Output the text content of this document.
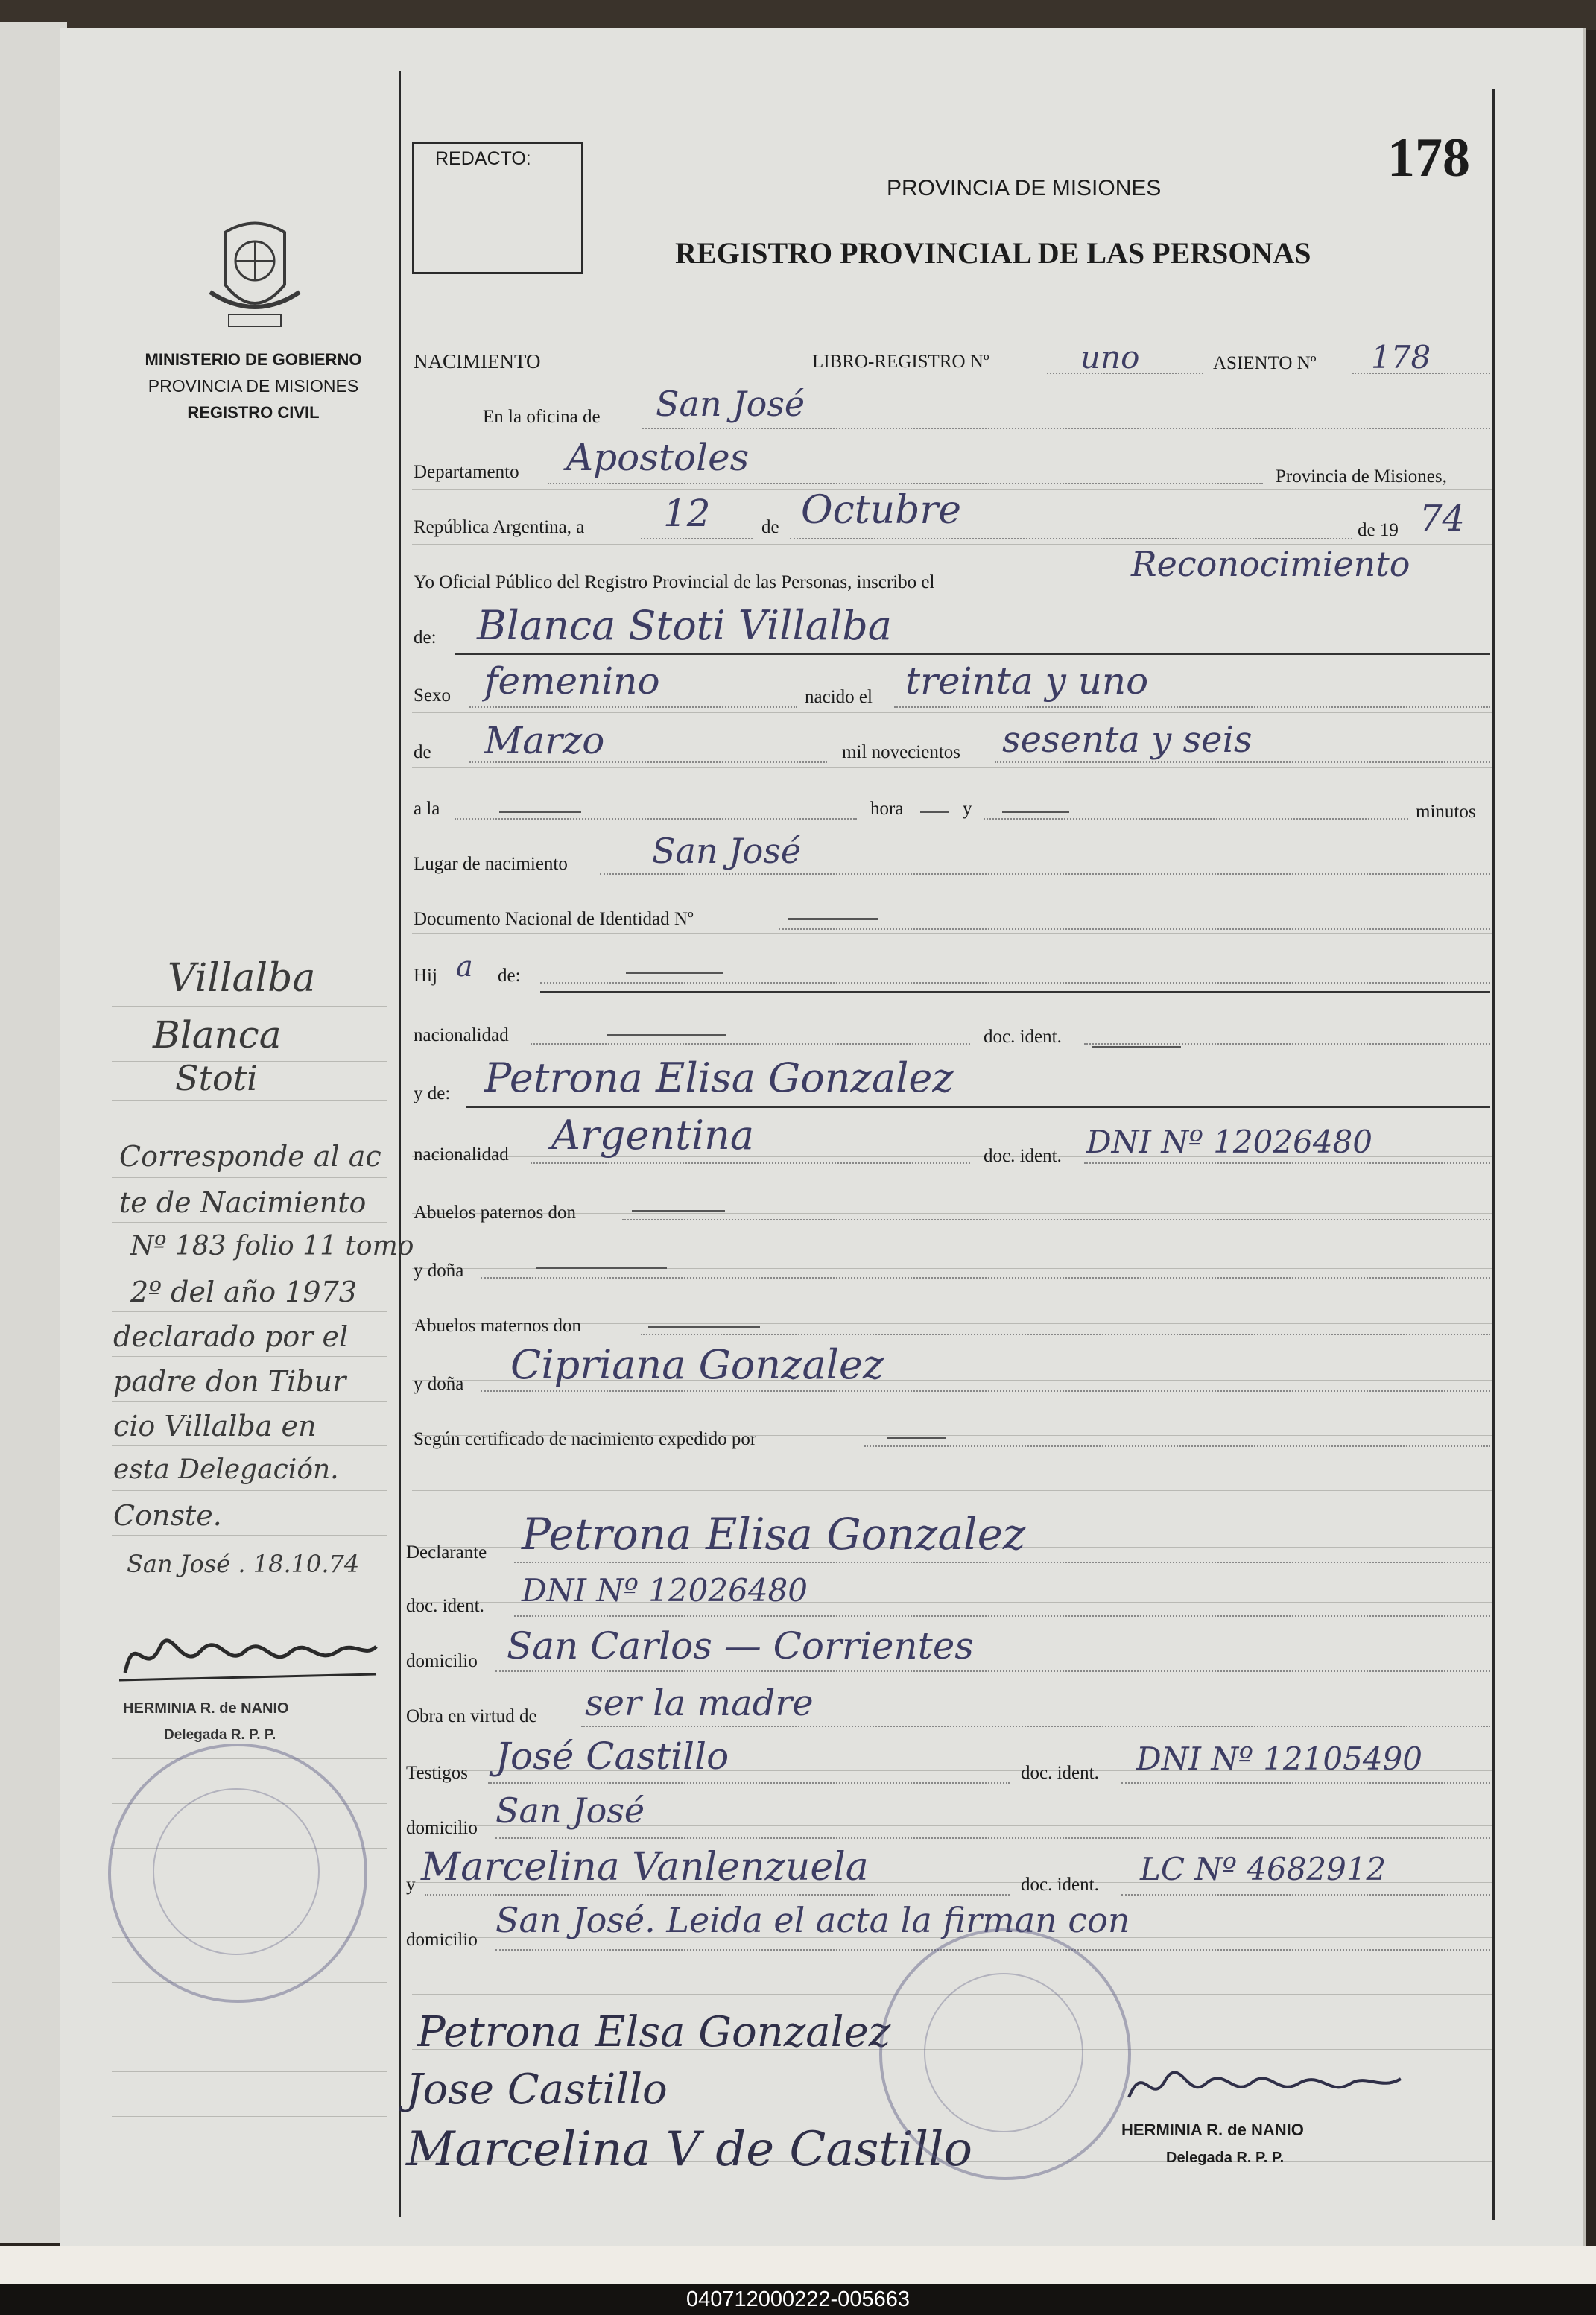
040712000222-005663
REDACTO:	178
PROVINCIA DE MISIONES
REGISTRO PROVINCIAL DE LAS PERSONAS
MINISTERIO DE GOBIERNO
PROVINCIA DE MISIONES
REGISTRO CIVIL
NACIMIENTO	LIBRO-REGISTRO Nº	uno	ASIENTO Nº 178
En la oficina de San José
Departamento Apostoles	Provincia de Misiones,
República Argentina, a 12	de Octubre	de 19 74
Yo Oficial Público del Registro Provincial de las Personas, inscribo el	Reconocimiento
de: Blanca Stoti Villalba
Sexo femenino	nacido el treinta y uno
de Marzo	mil novecientos sesenta y seis
a la	hora	y	minutos
Lugar de nacimiento San José
Documento Nacional de Identidad Nº
Hij a de:
nacionalidad	doc. ident.
y de: Petrona Elisa Gonzalez
nacionalidad Argentina	doc. ident. DNI Nº 12026480
Abuelos paternos don
y doña
Abuelos maternos don
y doña Cipriana Gonzalez
Según certificado de nacimiento expedido por
Declarante Petrona Elisa Gonzalez
doc. ident. DNI Nº 12026480
domicilio San Carlos — Corrientes
Obra en virtud de ser la madre
Testigos José Castillo	doc. ident. DNI Nº 12105490
domicilio San José
y Marcelina Vanlenzuela	doc. ident. LC Nº 4682912
domicilio San José. Leida el acta la firman con
Petrona Elsa Gonzalez
Jose Castillo
Marcelina V de Castillo	HERMINIA R. de NANIO
Delegada R. P. P.
Villalba
Blanca
Stoti
Corresponde al ac
te de Nacimiento
Nº 183 folio 11 tomo
2º del año 1973
declarado por el
padre don Tibur
cio Villalba en
esta Delegación.
Conste.
San José . 18.10.74
HERMINIA R. de NANIO
Delegada R. P. P.
